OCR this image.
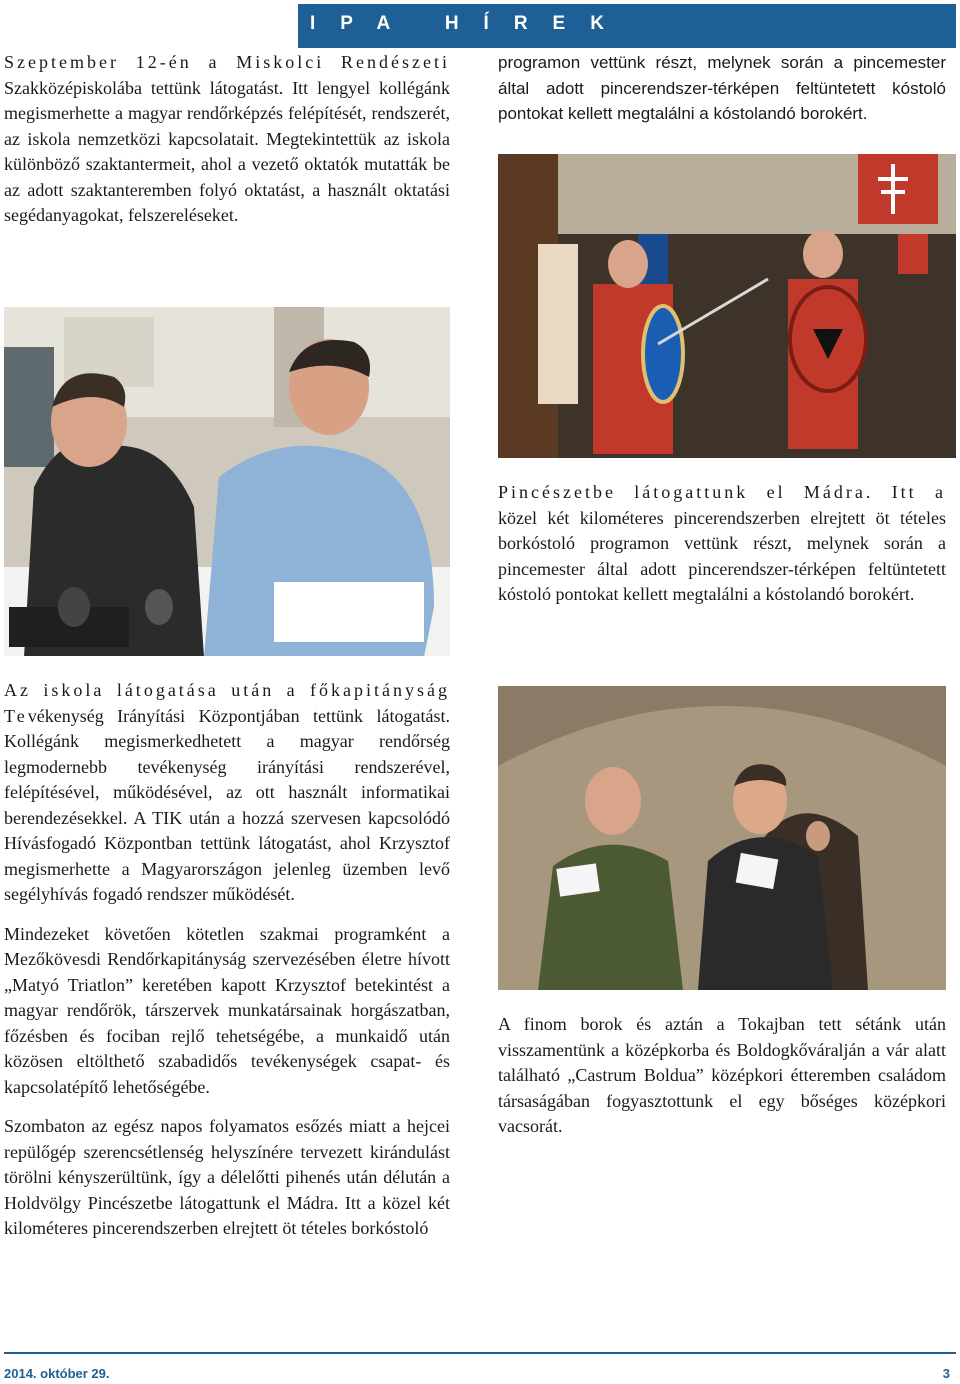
IPA HÍREK

Szeptember 12-én a Miskolci Rendészeti Szakközépiskolába tettünk látogatást. Itt lengyel kollégánk megismerhette a magyar rendőrképzés felépítését, rendszerét, az iskola nemzetközi kapcsolatait. Megtekintettük az iskola különböző szaktantermeit, ahol a vezető oktatók mutatták be az adott szaktanteremben folyó oktatást, a használt oktatási segédanyagokat, felszereléseket.

programon vettünk részt, melynek során a pincemester által adott pincerendszer-térképen feltüntetett kóstoló pontokat kellett megtalálni a kóstolandó borokért.

Pincészetbe látogattunk el Mádra. Itt a közel két kilométeres pincerendszerben elrejtett öt tételes borkóstoló programon vettünk részt, melynek során a pincemester által adott pincerendszer-térképen feltüntetett kóstoló pontokat kellett megtalálni a kóstolandó borokért.

Az iskola látogatása után a főkapitányság Tevékenység Irányítási Központjában tettünk látogatást. Kollégánk megismerkedhetett a magyar rendőrség legmodernebb tevékenység irányítási rendszerével, felépítésével, működésével, az ott használt informatikai berendezésekkel. A TIK után a hozzá szervesen kapcsolódó Hívásfogadó Központban tettünk látogatást, ahol Krzysztof megismerhette a Magyarországon jelenleg üzemben levő segélyhívás fogadó rendszer működését.

Mindezeket követően kötetlen szakmai programként a Mezőkövesdi Rendőrkapitányság szervezésében életre hívott „Matyó Triatlon” keretében kapott Krzysztof betekintést a magyar rendőrök, társzervek munkatársainak horgászatban, főzésben és fociban rejlő tehetségébe, a munkaidő után közösen eltölthető szabadidős tevékenységek csapat- és kapcsolatépítő lehetőségébe.

Szombaton az egész napos folyamatos esőzés miatt a hejcei repülőgép szerencsétlenség helyszínére tervezett kirándulást törölni kényszerültünk, így a délelőtti pihenés után délután a Holdvölgy Pincészetbe látogattunk el Mádra. Itt a közel két kilométeres pincerendszerben elrejtett öt tételes borkóstoló

A finom borok és aztán a Tokajban tett sétánk után visszamentünk a középkorba és Boldogkőváralján a vár alatt található „Castrum Boldua” középkori étteremben családom társaságában fogyasztottunk el egy bőséges középkori vacsorát.

2014. október 29.	3
